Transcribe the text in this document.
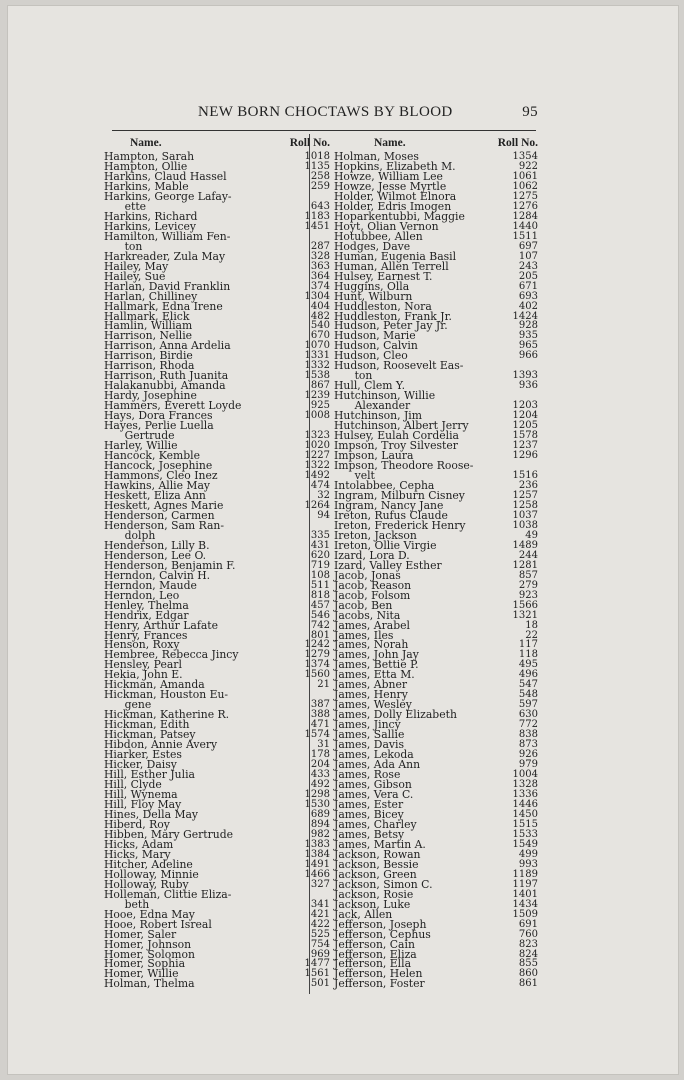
NEW BORN CHOCTAWS BY BLOOD	95
Name.	Roll No.
Hampton, Sarah	1018
Hampton, Ollie	1135
Harkins, Claud Hassel	258
Harkins, Mable	259
Harkins, George Lafay-
ette	643
Harkins, Richard	1183
Harkins, Levicey	1451
Hamilton, William Fen-
ton	287
Harkreader, Zula May	328
Hailey, May	363
Hailey, Sue	364
Harlan, David Franklin	374
Harlan, Chilliney	1304
Hallmark, Edna Irene	404
Hallmark, Elick	482
Hamlin, William	540
Harrison, Nellie	670
Harrison, Anna Ardelia	1070
Harrison, Birdie	1331
Harrison, Rhoda	1332
Harrison, Ruth Juanita	1538
Halakanubbi, Amanda	867
Hardy, Josephine	1239
Hammers, Everett Loyde	925
Hays, Dora Frances	1008
Hayes, Perlie Luella
Gertrude	1323
Harley, Willie	1020
Hancock, Kemble	1227
Hancock, Josephine	1322
Hammons, Cleo Inez	1492
Hawkins, Allie May	474
Heskett, Eliza Ann	32
Heskett, Agnes Marie	1264
Henderson, Carmen	94
Henderson, Sam Ran-
dolph	335
Henderson, Lilly B.	431
Henderson, Lee O.	620
Henderson, Benjamin F.	719
Herndon, Calvin H.	108
Herndon, Maude	511
Herndon, Leo	818
Henley, Thelma	457
Hendrix, Edgar	546
Henry, Arthur Lafate	742
Henry, Frances	801
Henson, Roxy	1242
Hembree, Rebecca Jincy	1279
Hensley, Pearl	1374
Hekia, John E.	1560
Hickman, Amanda	21
Hickman, Houston Eu-
gene	387
Hickman, Katherine R.	388
Hickman, Edith	471
Hickman, Patsey	1574
Hibdon, Annie Avery	31
Hiarker, Estes	178
Hicker, Daisy	204
Hill, Esther Julia	433
Hill, Clyde	492
Hill, Wynema	1298
Hill, Floy May	1530
Hines, Della May	689
Hiberd, Roy	894
Hibben, Mary Gertrude	982
Hicks, Adam	1383
Hicks, Mary	1384
Hitcher, Adeline	1491
Holloway, Minnie	1466
Holloway, Ruby	327
Holleman, Clittie Eliza-
beth	341
Hooe, Edna May	421
Hooe, Robert Isreal	422
Homer, Saler	525
Homer, Johnson	754
Homer, Solomon	969
Homer, Sophia	1477
Homer, Willie	1561
Holman, Thelma	501
Name.	Roll No.
Holman, Moses	1354
Hopkins, Elizabeth M.	922
Howze, William Lee	1061
Howze, Jesse Myrtle	1062
Holder, Wilmot Elnora	1275
Holder, Edris Imogen	1276
Hoparkentubbi, Maggie	1284
Hoyt, Olian Vernon	1440
Hotubbee, Allen	1511
Hodges, Dave	697
Human, Eugenia Basil	107
Human, Allen Terrell	243
Hulsey, Earnest T.	205
Huggins, Olla	671
Hunt, Wilburn	693
Huddleston, Nora	402
Huddleston, Frank Jr.	1424
Hudson, Peter Jay Jr.	928
Hudson, Marie	935
Hudson, Calvin	965
Hudson, Cleo	966
Hudson, Roosevelt Eas-
ton	1393
Hull, Clem Y.	936
Hutchinson, Willie
Alexander	1203
Hutchinson, Jim	1204
Hutchinson, Albert Jerry	1205
Hulsey, Eulah Cordelia	1578
Impson, Troy Silvester	1237
Impson, Laura	1296
Impson, Theodore Roose-
velt	1516
Intolabbee, Cepha	236
Ingram, Milburn Cisney	1257
Ingram, Nancy Jane	1258
Ireton, Rufus Claude	1037
Ireton, Frederick Henry	1038
Ireton, Jackson	49
Ireton, Ollie Virgie	1489
Izard, Lora D.	244
Izard, Valley Esther	1281
Jacob, Jonas	857
Jacob, Reason	279
Jacob, Folsom	923
Jacob, Ben	1566
Jacobs, Nita	1321
James, Arabel	18
James, Iles	22
James, Norah	117
James, John Jay	118
James, Bettie P.	495
James, Etta M.	496
James, Abner	547
James, Henry	548
James, Wesley	597
James, Dolly Elizabeth	630
James, Jincy	772
James, Sallie	838
James, Davis	873
James, Lekoda	926
James, Ada Ann	979
James, Rose	1004
James, Gibson	1328
James, Vera C.	1336
James, Ester	1446
James, Bicey	1450
James, Charley	1515
James, Betsy	1533
James, Martin A.	1549
Jackson, Rowan	499
Jackson, Bessie	993
Jackson, Green	1189
Jackson, Simon C.	1197
Jackson, Rosie	1401
Jackson, Luke	1434
Jack, Allen	1509
Jefferson, Joseph	691
Jefferson, Cephus	760
Jefferson, Cain	823
Jefferson, Eliza	824
Jefferson, Ella	855
Jefferson, Helen	860
Jefferson, Foster	861
